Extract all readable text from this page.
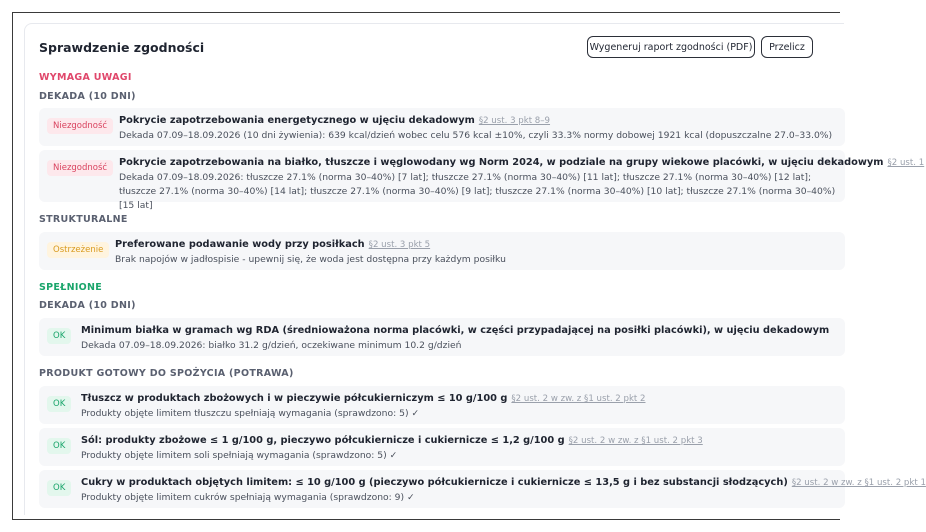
Sprawdzenie zgodności	Wygeneruj raport zgodności (PDF)	Przelicz
WYMAGA UWAGI
DEKADA (10 DNI)
Niezgodność	Pokrycie zapotrzebowania energetycznego w ujęciu dekadowym §2 ust. 3 pkt 8–9
Dekada 07.09–18.09.2026 (10 dni żywienia): 639 kcal/dzień wobec celu 576 kcal ±10%, czyli 33.3% normy dobowej 1921 kcal (dopuszczalne 27.0–33.0%)
Niezgodność	Pokrycie zapotrzebowania na białko, tłuszcze i węglowodany wg Norm 2024, w podziale na grupy wiekowe placówki, w ujęciu dekadowym §2 ust. 1
Dekada 07.09–18.09.2026: tłuszcze 27.1% (norma 30–40%) [7 lat]; tłuszcze 27.1% (norma 30–40%) [11 lat]; tłuszcze 27.1% (norma 30–40%) [12 lat]; tłuszcze 27.1% (norma 30–40%) [14 lat]; tłuszcze 27.1% (norma 30–40%) [9 lat]; tłuszcze 27.1% (norma 30–40%) [10 lat]; tłuszcze 27.1% (norma 30–40%) [15 lat]
STRUKTURALNE
Ostrzeżenie	Preferowane podawanie wody przy posiłkach §2 ust. 3 pkt 5
Brak napojów w jadłospisie - upewnij się, że woda jest dostępna przy każdym posiłku
SPEŁNIONE
DEKADA (10 DNI)
OK	Minimum białka w gramach wg RDA (średnioważona norma placówki, w części przypadającej na posiłki placówki), w ujęciu dekadowym
Dekada 07.09–18.09.2026: białko 31.2 g/dzień, oczekiwane minimum 10.2 g/dzień
PRODUKT GOTOWY DO SPOŻYCIA (POTRAWA)
OK	Tłuszcz w produktach zbożowych i w pieczywie półcukierniczym ≤ 10 g/100 g §2 ust. 2 w zw. z §1 ust. 2 pkt 2
Produkty objęte limitem tłuszczu spełniają wymagania (sprawdzono: 5) ✓
OK	Sól: produkty zbożowe ≤ 1 g/100 g, pieczywo półcukiernicze i cukiernicze ≤ 1,2 g/100 g §2 ust. 2 w zw. z §1 ust. 2 pkt 3
Produkty objęte limitem soli spełniają wymagania (sprawdzono: 5) ✓
OK	Cukry w produktach objętych limitem: ≤ 10 g/100 g (pieczywo półcukiernicze i cukiernicze ≤ 13,5 g i bez substancji słodzących) §2 ust. 2 w zw. z §1 ust. 2 pkt 1
Produkty objęte limitem cukrów spełniają wymagania (sprawdzono: 9) ✓
